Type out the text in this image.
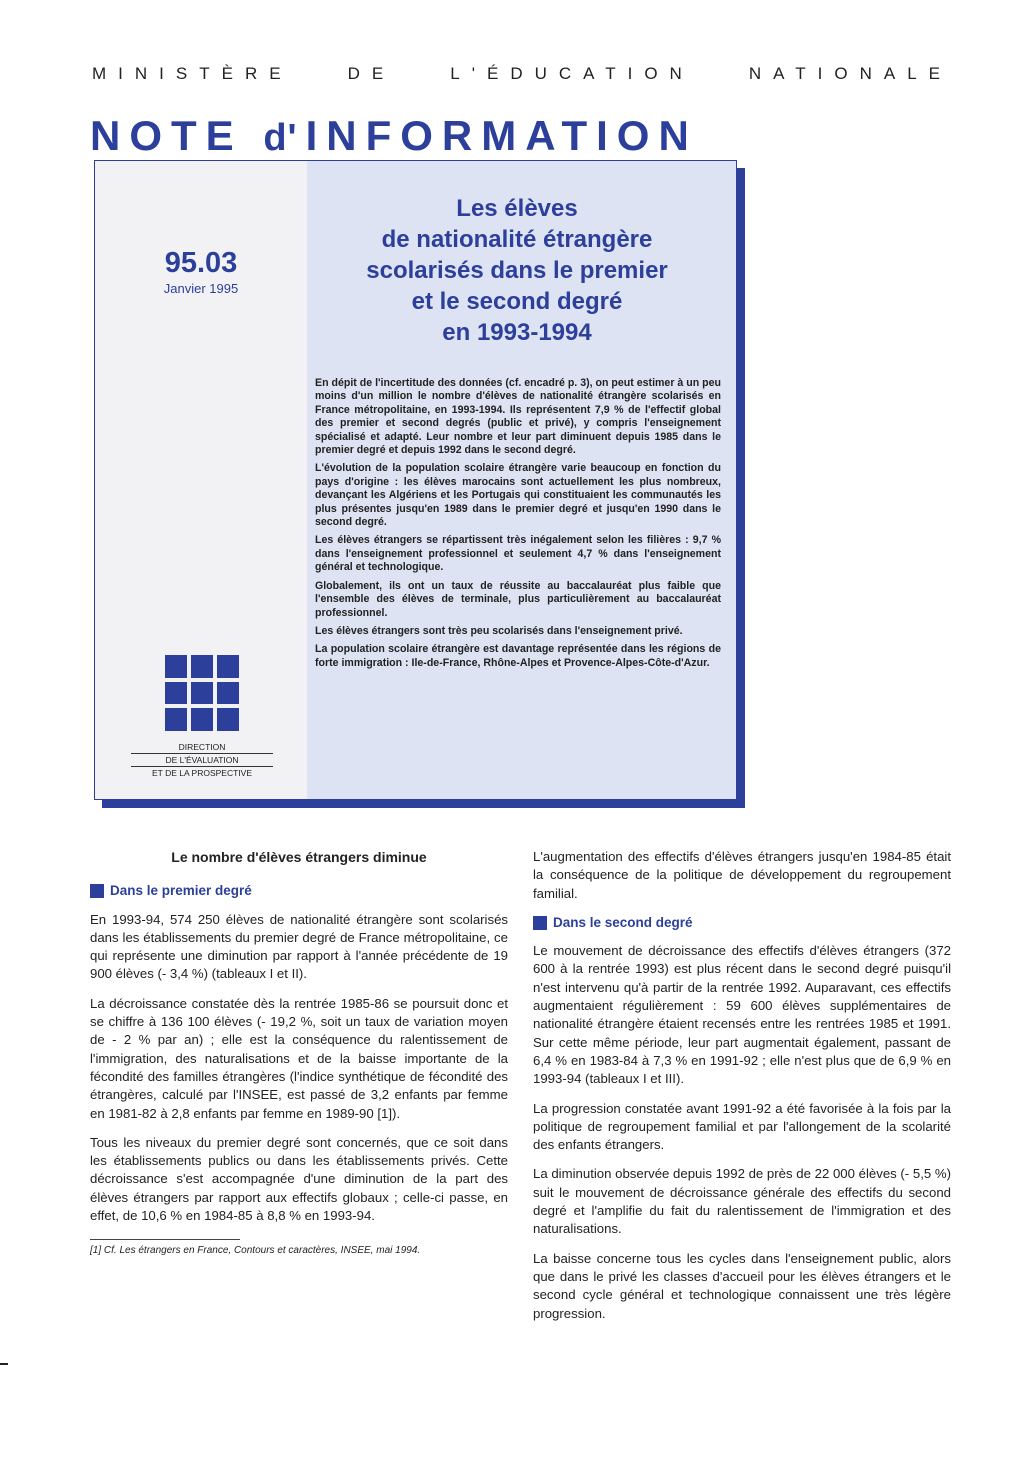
MINISTÈRE	DE	L'ÉDUCATION	NATIONALE
NOTE d' INFORMATION
95.03
Janvier 1995
Les élèves
de nationalité étrangère
scolarisés dans le premier
et le second degré
en 1993-1994

En dépit de l'incertitude des données (cf. encadré p. 3), on peut estimer à un peu moins d'un million le nombre d'élèves de nationalité étrangère scolarisés en France métropolitaine, en 1993-1994. Ils représentent 7,9 % de l'effectif global des premier et second degrés (public et privé), y compris l'enseignement spécialisé et adapté. Leur nombre et leur part diminuent depuis 1985 dans le premier degré et depuis 1992 dans le second degré.

L'évolution de la population scolaire étrangère varie beaucoup en fonction du pays d'origine : les élèves marocains sont actuellement les plus nombreux, devançant les Algériens et les Portugais qui constituaient les communautés les plus présentes jusqu'en 1989 dans le premier degré et jusqu'en 1990 dans le second degré.

Les élèves étrangers se répartissent très inégalement selon les filières : 9,7 % dans l'enseignement professionnel et seulement 4,7 % dans l'enseignement général et technologique.

Globalement, ils ont un taux de réussite au baccalauréat plus faible que l'ensemble des élèves de terminale, plus particulièrement au baccalauréat professionnel.

Les élèves étrangers sont très peu scolarisés dans l'enseignement privé.

La population scolaire étrangère est davantage représentée dans les régions de forte immigration : Ile-de-France, Rhône-Alpes et Provence-Alpes-Côte-d'Azur.

DIRECTION
DE L'ÉVALUATION
ET DE LA PROSPECTIVE

Le nombre d'élèves étrangers diminue

Dans le premier degré

En 1993-94, 574 250 élèves de nationalité étrangère sont scolarisés dans les établissements du premier degré de France métropolitaine, ce qui représente une diminution par rapport à l'année précédente de 19 900 élèves (- 3,4 %) (tableaux I et II).

La décroissance constatée dès la rentrée 1985-86 se poursuit donc et se chiffre à 136 100 élèves (- 19,2 %, soit un taux de variation moyen de - 2 % par an) ; elle est la conséquence du ralentissement de l'immigration, des naturalisations et de la baisse importante de la fécondité des familles étrangères (l'indice synthétique de fécondité des étrangères, calculé par l'INSEE, est passé de 3,2 enfants par femme en 1981-82 à 2,8 enfants par femme en 1989-90 [1]).

Tous les niveaux du premier degré sont concernés, que ce soit dans les établissements publics ou dans les établissements privés. Cette décroissance s'est accompagnée d'une diminution de la part des élèves étrangers par rapport aux effectifs globaux ; celle-ci passe, en effet, de 10,6 % en 1984-85 à 8,8 % en 1993-94.

[1] Cf. Les étrangers en France, Contours et caractères, INSEE, mai 1994.

L'augmentation des effectifs d'élèves étrangers jusqu'en 1984-85 était la conséquence de la politique de développement du regroupement familial.

Dans le second degré

Le mouvement de décroissance des effectifs d'élèves étrangers (372 600 à la rentrée 1993) est plus récent dans le second degré puisqu'il n'est intervenu qu'à partir de la rentrée 1992. Auparavant, ces effectifs augmentaient régulièrement : 59 600 élèves supplémentaires de nationalité étrangère étaient recensés entre les rentrées 1985 et 1991. Sur cette même période, leur part augmentait également, passant de 6,4 % en 1983-84 à 7,3 % en 1991-92 ; elle n'est plus que de 6,9 % en 1993-94 (tableaux I et III).

La progression constatée avant 1991-92 a été favorisée à la fois par la politique de regroupement familial et par l'allongement de la scolarité des enfants étrangers.

La diminution observée depuis 1992 de près de 22 000 élèves (- 5,5 %) suit le mouvement de décroissance générale des effectifs du second degré et l'amplifie du fait du ralentissement de l'immigration et des naturalisations.

La baisse concerne tous les cycles dans l'enseignement public, alors que dans le privé les classes d'accueil pour les élèves étrangers et le second cycle général et technologique connaissent une très légère progression.
